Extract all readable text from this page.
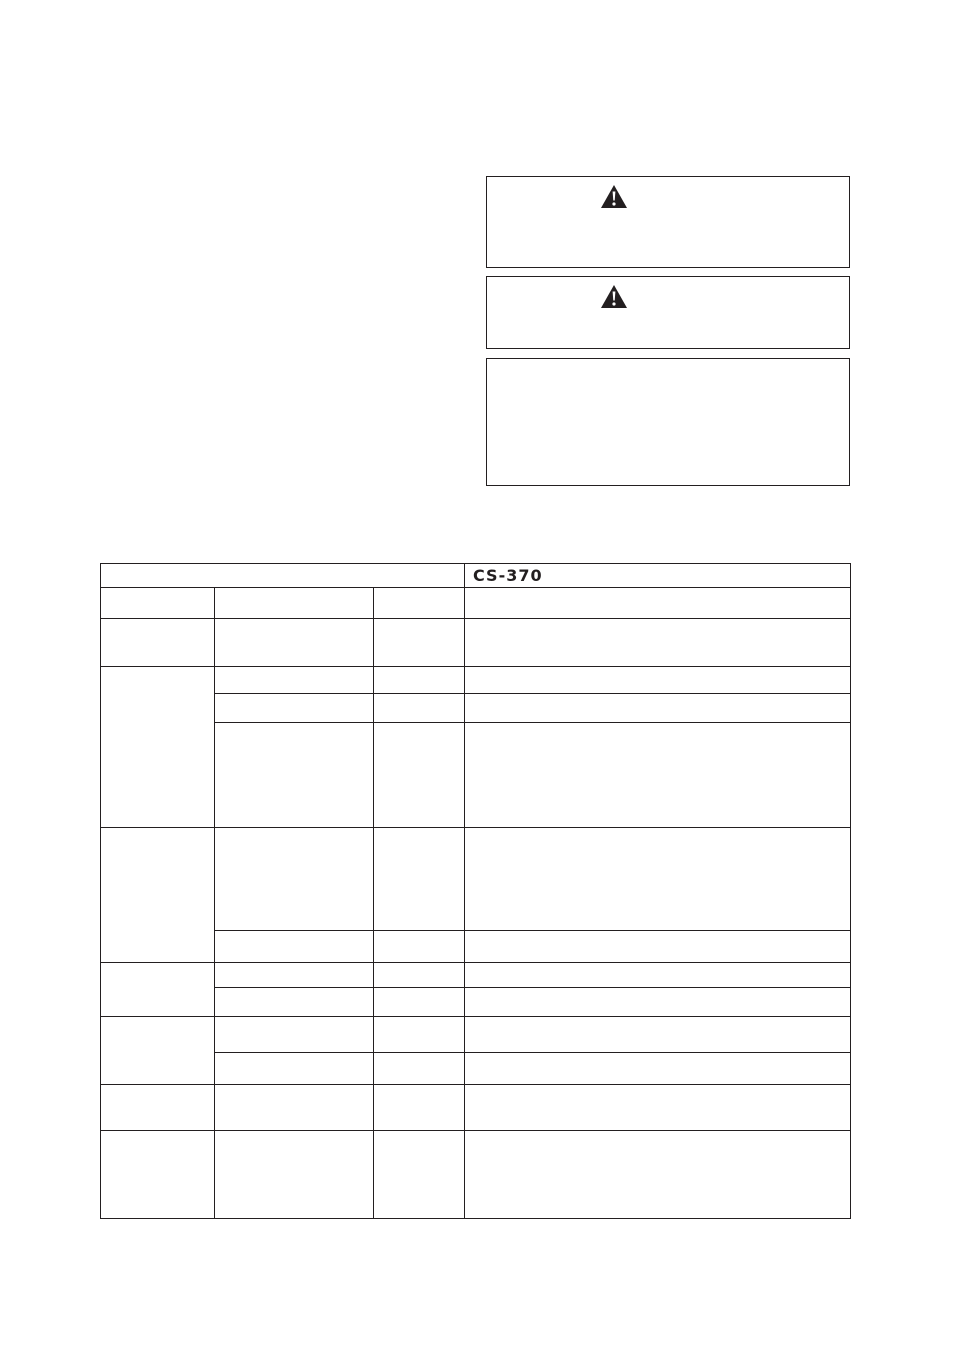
			CS-370
